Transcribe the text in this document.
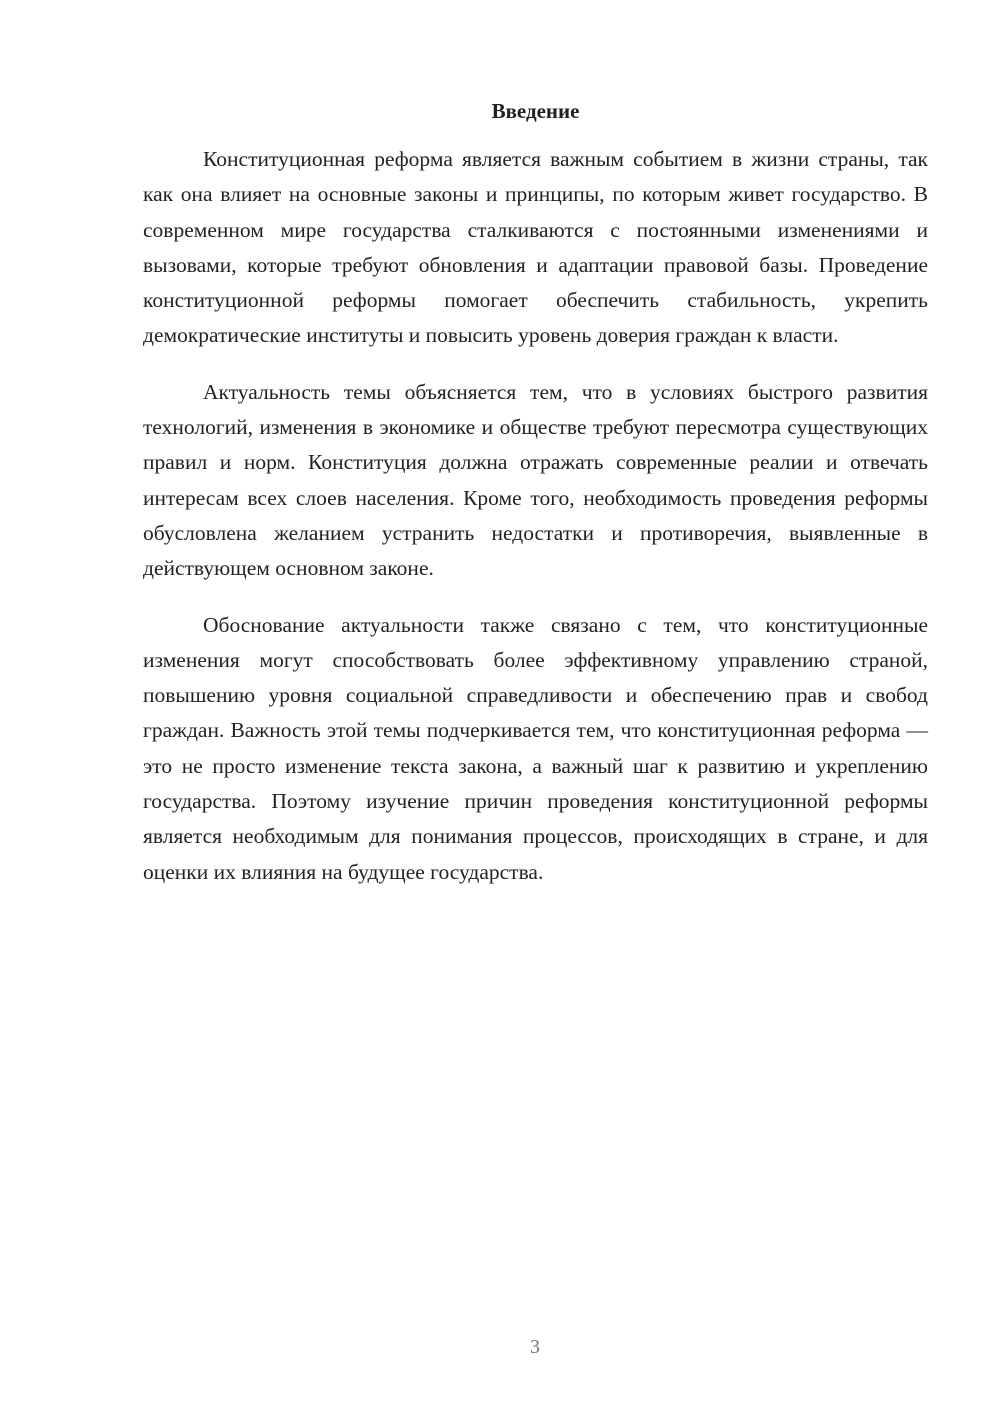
Введение

Конституционная реформа является важным событием в жизни страны, так как она влияет на основные законы и принципы, по которым живет государство. В современном мире государства сталкиваются с постоянными изменениями и вызовами, которые требуют обновления и адаптации правовой базы. Проведение конституционной реформы помогает обеспечить стабильность, укрепить демократические институты и повысить уровень доверия граждан к власти.

Актуальность темы объясняется тем, что в условиях быстрого развития технологий, изменения в экономике и обществе требуют пересмотра существующих правил и норм. Конституция должна отражать современные реалии и отвечать интересам всех слоев населения. Кроме того, необходимость проведения реформы обусловлена желанием устранить недостатки и противоречия, выявленные в действующем основном законе.

Обоснование актуальности также связано с тем, что конституционные изменения могут способствовать более эффективному управлению страной, повышению уровня социальной справедливости и обеспечению прав и свобод граждан. Важность этой темы подчеркивается тем, что конституционная реформа — это не просто изменение текста закона, а важный шаг к развитию и укреплению государства. Поэтому изучение причин проведения конституционной реформы является необходимым для понимания процессов, происходящих в стране, и для оценки их влияния на будущее государства.

3
